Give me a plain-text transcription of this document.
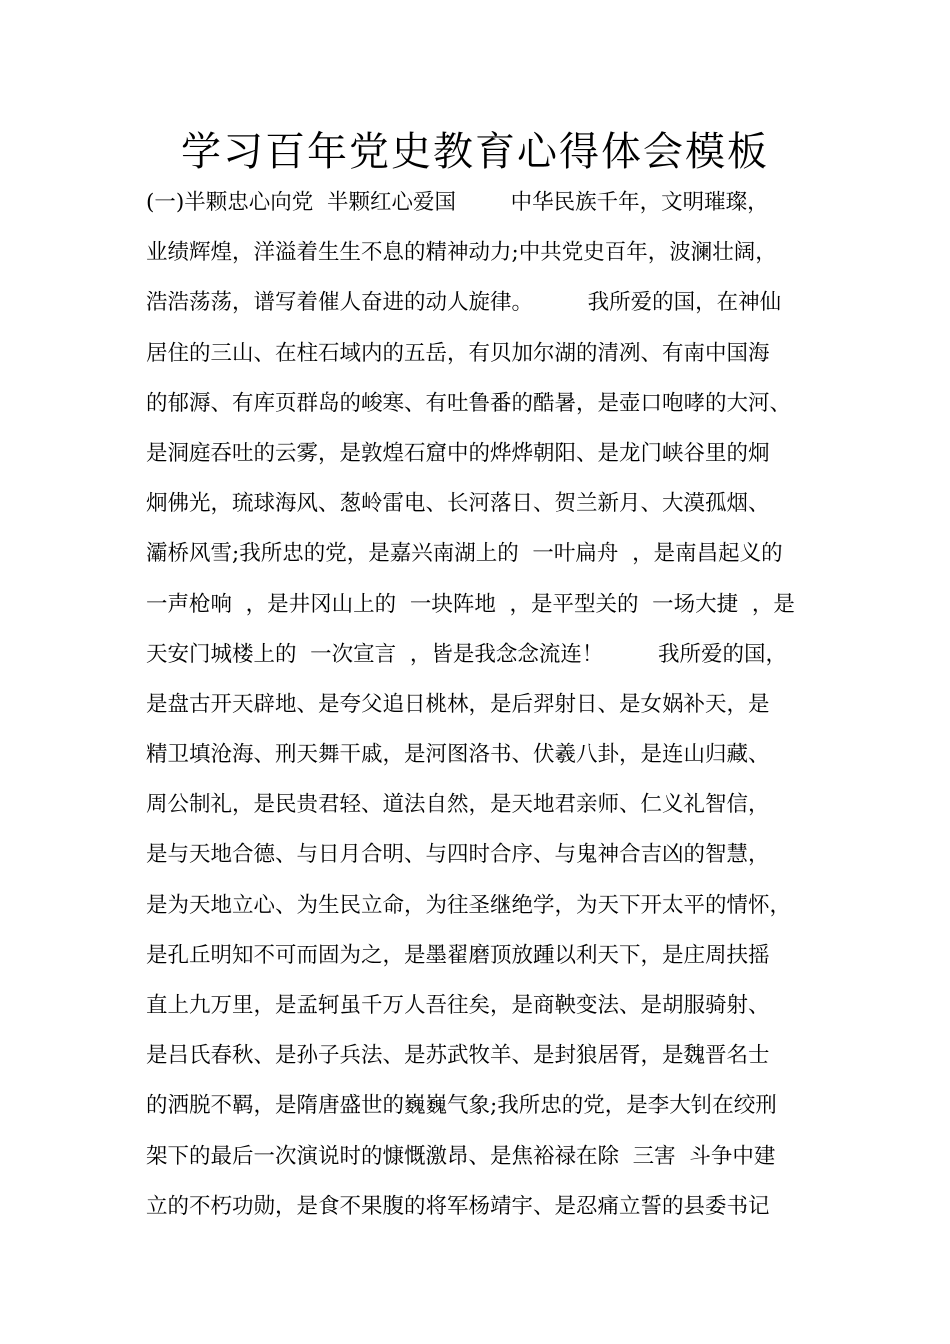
学习百年党史教育心得体会模板
(一)半颗忠心向党  半颗红心爱国        中华民族千年，文明璀璨，
业绩辉煌，洋溢着生生不息的精神动力;中共党史百年，波澜壮阔，
浩浩荡荡，谱写着催人奋进的动人旋律。        我所爱的国，在神仙
居住的三山、在柱石域内的五岳，有贝加尔湖的清冽、有南中国海
的郁溽、有库页群岛的峻寒、有吐鲁番的酷暑，是壶口咆哮的大河、
是洞庭吞吐的云雾，是敦煌石窟中的烨烨朝阳、是龙门峡谷里的炯
炯佛光，琉球海风、葱岭雷电、长河落日、贺兰新月、大漠孤烟、
灞桥风雪;我所忠的党，是嘉兴南湖上的  一叶扁舟  ，是南昌起义的
一声枪响  ，是井冈山上的  一块阵地  ，是平型关的  一场大捷  ，是
天安门城楼上的  一次宣言  ，皆是我念念流连！        我所爱的国，
是盘古开天辟地、是夸父追日桃林，是后羿射日、是女娲补天，是
精卫填沧海、刑天舞干戚，是河图洛书、伏羲八卦，是连山归藏、
周公制礼，是民贵君轻、道法自然，是天地君亲师、仁义礼智信，
是与天地合德、与日月合明、与四时合序、与鬼神合吉凶的智慧，
是为天地立心、为生民立命，为往圣继绝学，为天下开太平的情怀，
是孔丘明知不可而固为之，是墨翟磨顶放踵以利天下，是庄周扶摇
直上九万里，是孟轲虽千万人吾往矣，是商鞅变法、是胡服骑射、
是吕氏春秋、是孙子兵法、是苏武牧羊、是封狼居胥，是魏晋名士
的洒脱不羁，是隋唐盛世的巍巍气象;我所忠的党，是李大钊在绞刑
架下的最后一次演说时的慷慨激昂、是焦裕禄在除  三害  斗争中建
立的不朽功勋，是食不果腹的将军杨靖宇、是忍痛立誓的县委书记
